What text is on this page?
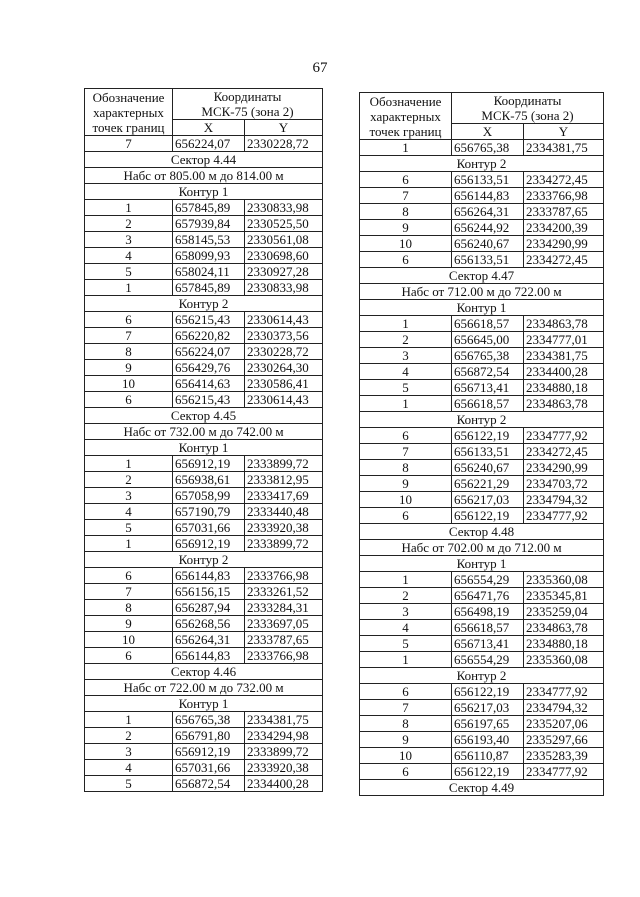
67
Обозначение
характерных
точек границ	Координаты
МСК-75 (зона 2)	

	X	Y
7	656224,07	2330228,72
Сектор 4.44		
Набс от 805.00 м до 814.00 м		
Контур 1		
1	657845,89	2330833,98
2	657939,84	2330525,50
3	658145,53	2330561,08
4	658099,93	2330698,60
5	658024,11	2330927,28
1	657845,89	2330833,98
Контур 2		
6	656215,43	2330614,43
7	656220,82	2330373,56
8	656224,07	2330228,72
9	656429,76	2330264,30
10	656414,63	2330586,41
6	656215,43	2330614,43
Сектор 4.45		
Набс от 732.00 м до 742.00 м		
Контур 1		
1	656912,19	2333899,72
2	656938,61	2333812,95
3	657058,99	2333417,69
4	657190,79	2333440,48
5	657031,66	2333920,38
1	656912,19	2333899,72
Контур 2		
6	656144,83	2333766,98
7	656156,15	2333261,52
8	656287,94	2333284,31
9	656268,56	2333697,05
10	656264,31	2333787,65
6	656144,83	2333766,98
Сектор 4.46		
Набс от 722.00 м до 732.00 м		
Контур 1		
1	656765,38	2334381,75
2	656791,80	2334294,98
3	656912,19	2333899,72
4	657031,66	2333920,38
5	656872,54	2334400,28
Обозначение
характерных
точек границ	Координаты
МСК-75 (зона 2)	

	X	Y
1	656765,38	2334381,75
Контур 2		
6	656133,51	2334272,45
7	656144,83	2333766,98
8	656264,31	2333787,65
9	656244,92	2334200,39
10	656240,67	2334290,99
6	656133,51	2334272,45
Сектор 4.47		
Набс от 712.00 м до 722.00 м		
Контур 1		
1	656618,57	2334863,78
2	656645,00	2334777,01
3	656765,38	2334381,75
4	656872,54	2334400,28
5	656713,41	2334880,18
1	656618,57	2334863,78
Контур 2		
6	656122,19	2334777,92
7	656133,51	2334272,45
8	656240,67	2334290,99
9	656221,29	2334703,72
10	656217,03	2334794,32
6	656122,19	2334777,92
Сектор 4.48		
Набс от 702.00 м до 712.00 м		
Контур 1		
1	656554,29	2335360,08
2	656471,76	2335345,81
3	656498,19	2335259,04
4	656618,57	2334863,78
5	656713,41	2334880,18
1	656554,29	2335360,08
Контур 2		
6	656122,19	2334777,92
7	656217,03	2334794,32
8	656197,65	2335207,06
9	656193,40	2335297,66
10	656110,87	2335283,39
6	656122,19	2334777,92
Сектор 4.49		
